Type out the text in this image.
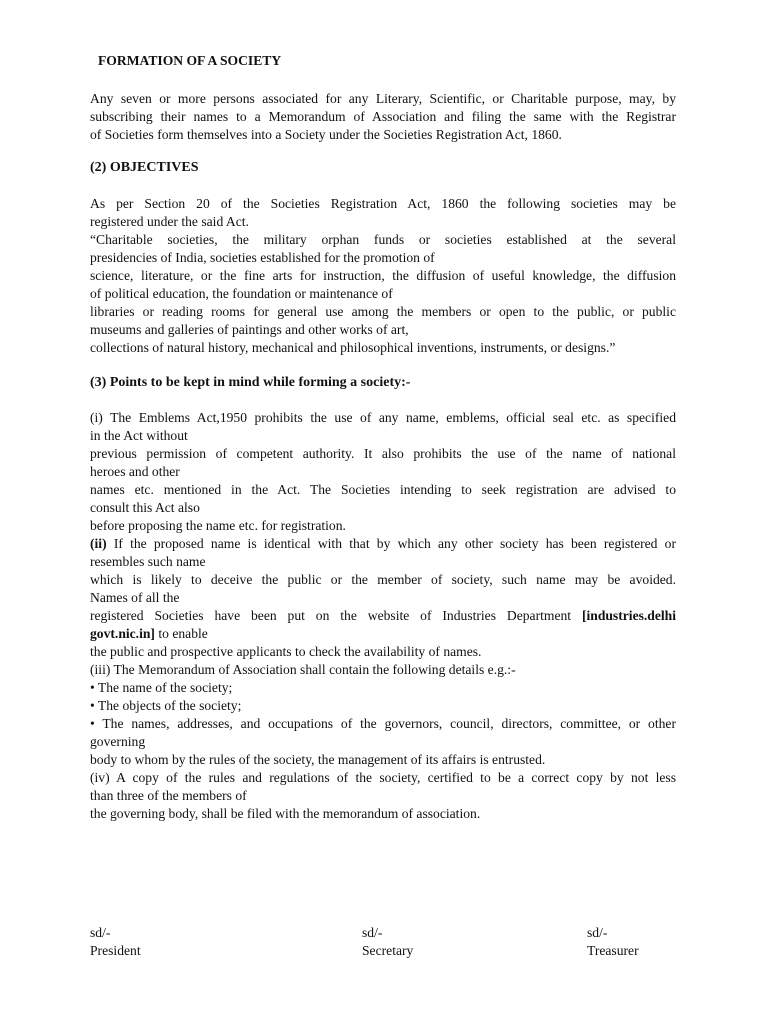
FORMATION OF A SOCIETY

Any seven or more persons associated for any Literary, Scientific, or Charitable purpose, may, by

subscribing their names to a Memorandum of Association and filing the same with the Registrar

of Societies form themselves into a Society under the Societies Registration Act, 1860.

(2) OBJECTIVES

As per Section 20 of the Societies Registration Act, 1860 the following societies may be

registered under the said Act.

“Charitable societies, the military orphan funds or societies established at the several

presidencies of India, societies established for the promotion of

science, literature, or the fine arts for instruction, the diffusion of useful knowledge, the diffusion

of political education, the foundation or maintenance of

libraries or reading rooms for general use among the members or open to the public, or public

museums and galleries of paintings and other works of art,

collections of natural history, mechanical and philosophical inventions, instruments, or designs.”

(3) Points to be kept in mind while forming a society:-

(i) The Emblems Act,1950 prohibits the use of any name, emblems, official seal etc. as specified

in the Act without

previous permission of competent authority. It also prohibits the use of the name of national

heroes and other

names etc. mentioned in the Act. The Societies intending to seek registration are advised to

consult this Act also

before proposing the name etc. for registration.

(ii) If the proposed name is identical with that by which any other society has been registered or

resembles such name

which is likely to deceive the public or the member of society, such name may be avoided.

Names of all the

registered Societies have been put on the website of Industries Department [industries.delhi

govt.nic.in] to enable

the public and prospective applicants to check the availability of names.

(iii) The Memorandum of Association shall contain the following details e.g.:-

• The name of the society;

• The objects of the society;

• The names, addresses, and occupations of the governors, council, directors, committee, or other

governing

body to whom by the rules of the society, the management of its affairs is entrusted.

(iv) A copy of the rules and regulations of the society, certified to be a correct copy by not less

than three of the members of

the governing body, shall be filed with the memorandum of association.

sd/-
President
sd/-
Secretary
sd/-
Treasurer
